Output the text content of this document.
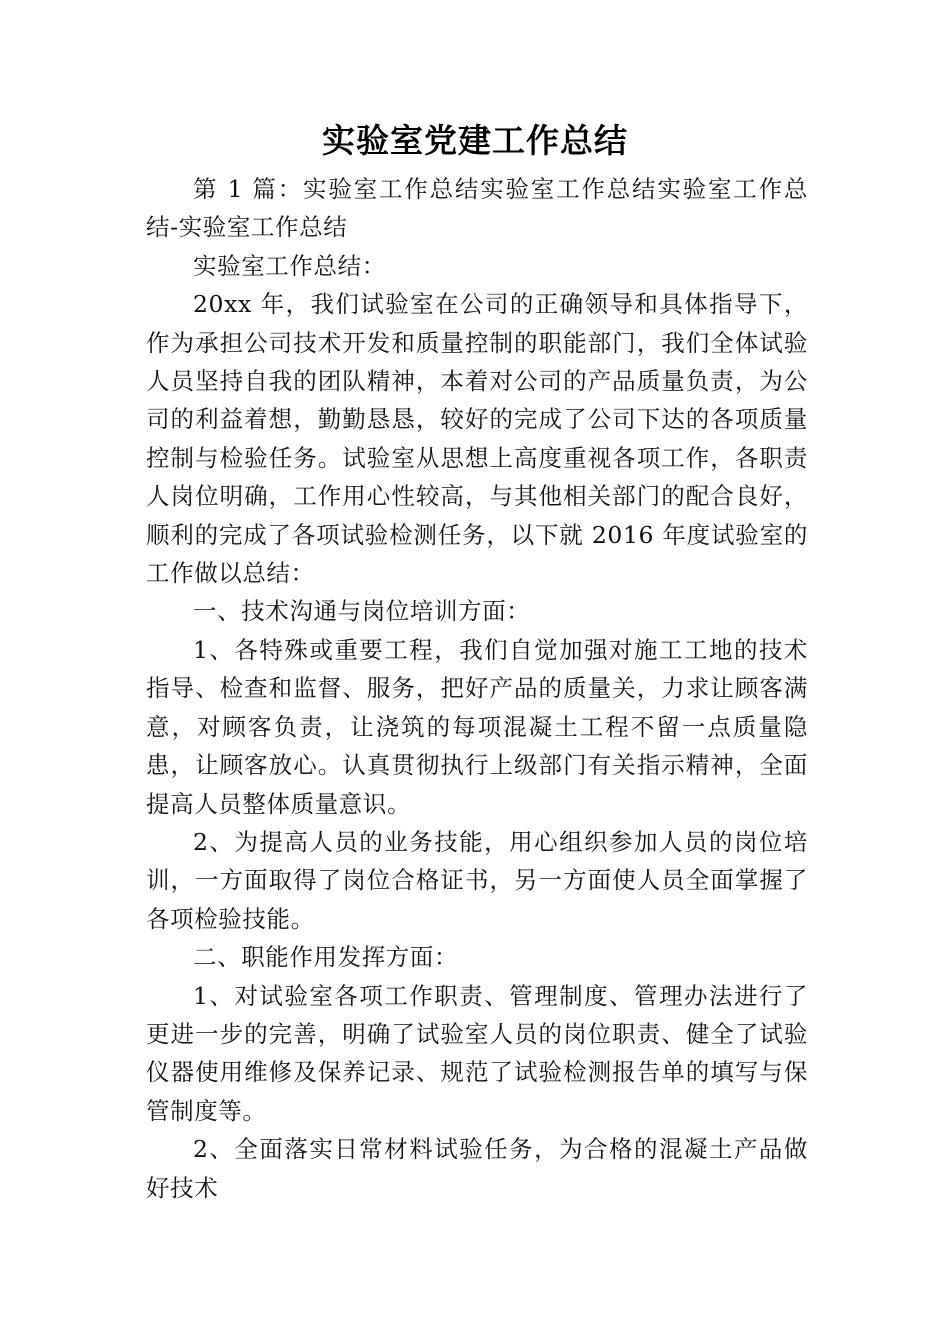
实验室党建工作总结

第 1 篇：实验室工作总结实验室工作总结实验室工作总结-实验室工作总结

实验室工作总结：

20xx 年，我们试验室在公司的正确领导和具体指导下，作为承担公司技术开发和质量控制的职能部门，我们全体试验人员坚持自我的团队精神，本着对公司的产品质量负责，为公司的利益着想，勤勤恳恳，较好的完成了公司下达的各项质量控制与检验任务。试验室从思想上高度重视各项工作，各职责人岗位明确，工作用心性较高，与其他相关部门的配合良好，顺利的完成了各项试验检测任务，以下就 2016 年度试验室的工作做以总结：

一、技术沟通与岗位培训方面：

1、各特殊或重要工程，我们自觉加强对施工工地的技术指导、检查和监督、服务，把好产品的质量关，力求让顾客满意，对顾客负责，让浇筑的每项混凝土工程不留一点质量隐患，让顾客放心。认真贯彻执行上级部门有关指示精神，全面提高人员整体质量意识。

2、为提高人员的业务技能，用心组织参加人员的岗位培训，一方面取得了岗位合格证书，另一方面使人员全面掌握了各项检验技能。

二、职能作用发挥方面：

1、对试验室各项工作职责、管理制度、管理办法进行了更进一步的完善，明确了试验室人员的岗位职责、健全了试验仪器使用维修及保养记录、规范了试验检测报告单的填写与保管制度等。

2、全面落实日常材料试验任务，为合格的混凝土产品做好技术
